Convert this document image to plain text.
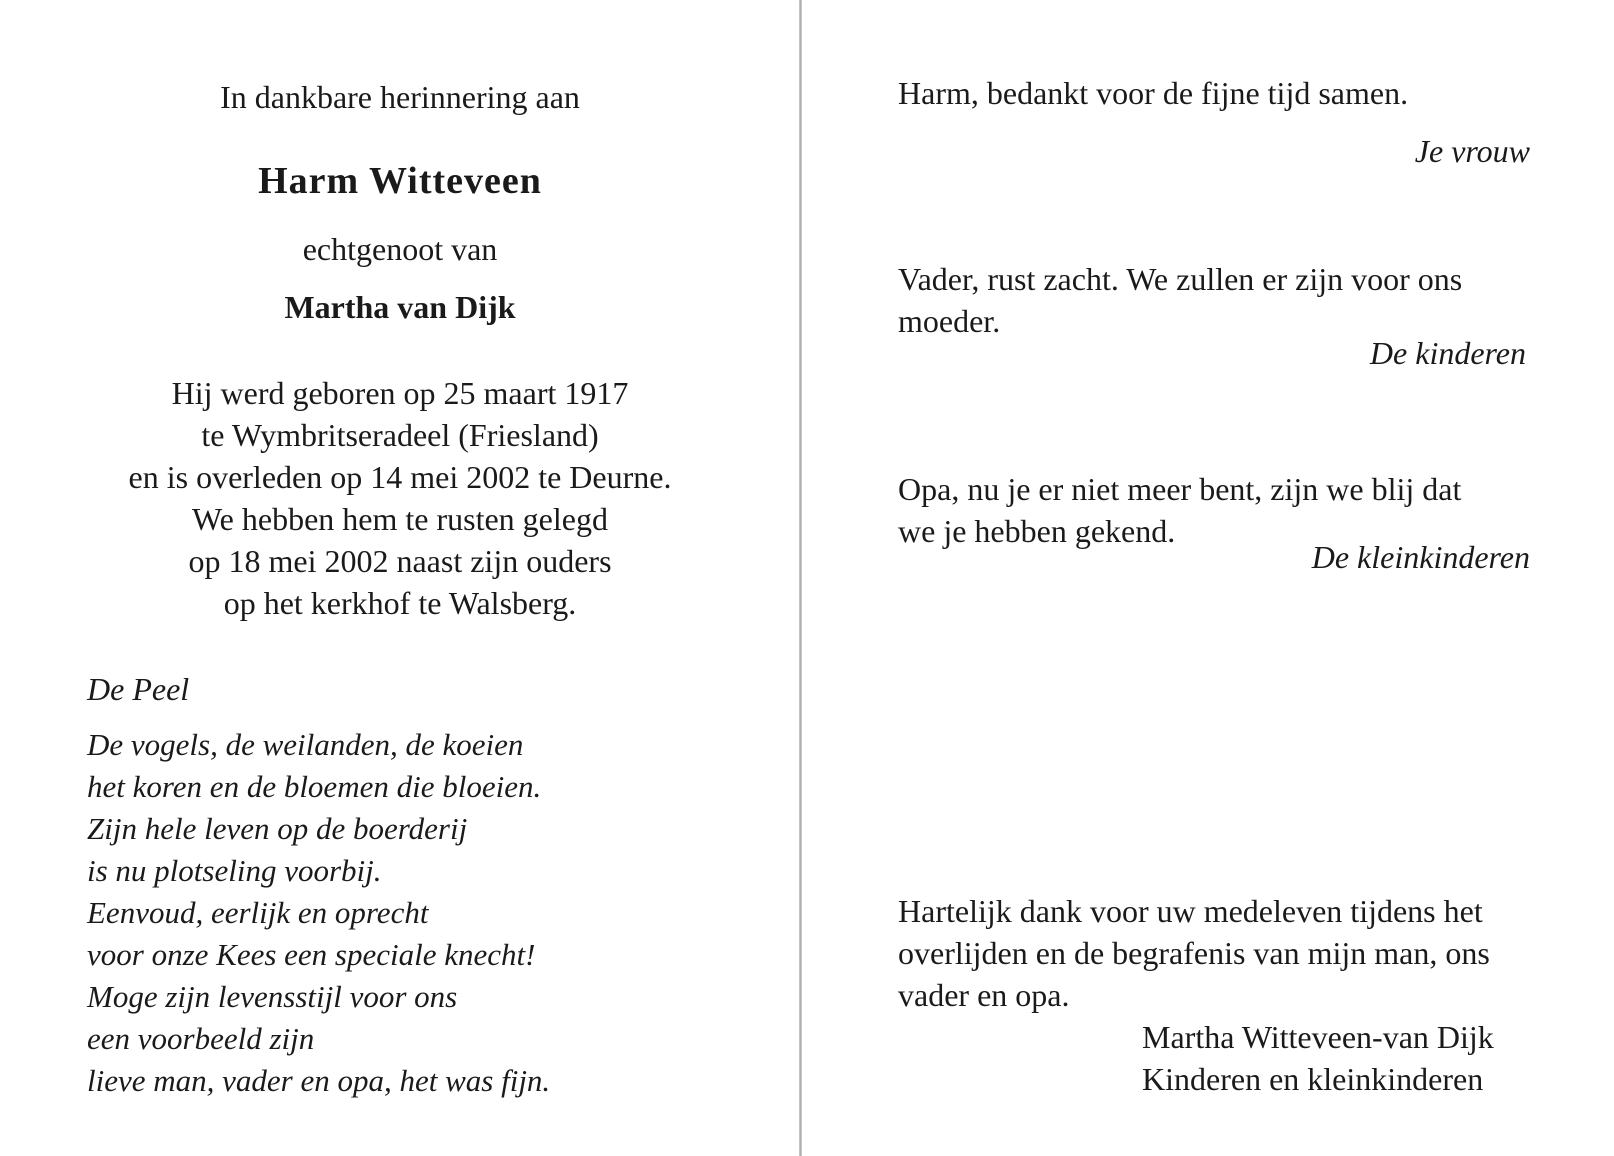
In dankbare herinnering aan
Harm Witteveen
echtgenoot van
Martha van Dijk
Hij werd geboren op 25 maart 1917
te Wymbritseradeel (Friesland)
en is overleden op 14 mei 2002 te Deurne.
We hebben hem te rusten gelegd
op 18 mei 2002 naast zijn ouders
op het kerkhof te Walsberg.
De Peel
De vogels, de weilanden, de koeien
het koren en de bloemen die bloeien.
Zijn hele leven op de boerderij
is nu plotseling voorbij.
Eenvoud, eerlijk en oprecht
voor onze Kees een speciale knecht!
Moge zijn levensstijl voor ons
een voorbeeld zijn
lieve man, vader en opa, het was fijn.
Harm, bedankt voor de fijne tijd samen.
Je vrouw
Vader, rust zacht. We zullen er zijn voor ons
moeder.
De kinderen
Opa, nu je er niet meer bent, zijn we blij dat
we je hebben gekend.
De kleinkinderen
Hartelijk dank voor uw medeleven tijdens het
overlijden en de begrafenis van mijn man, ons
vader en opa.
Martha Witteveen-van Dijk
Kinderen en kleinkinderen
